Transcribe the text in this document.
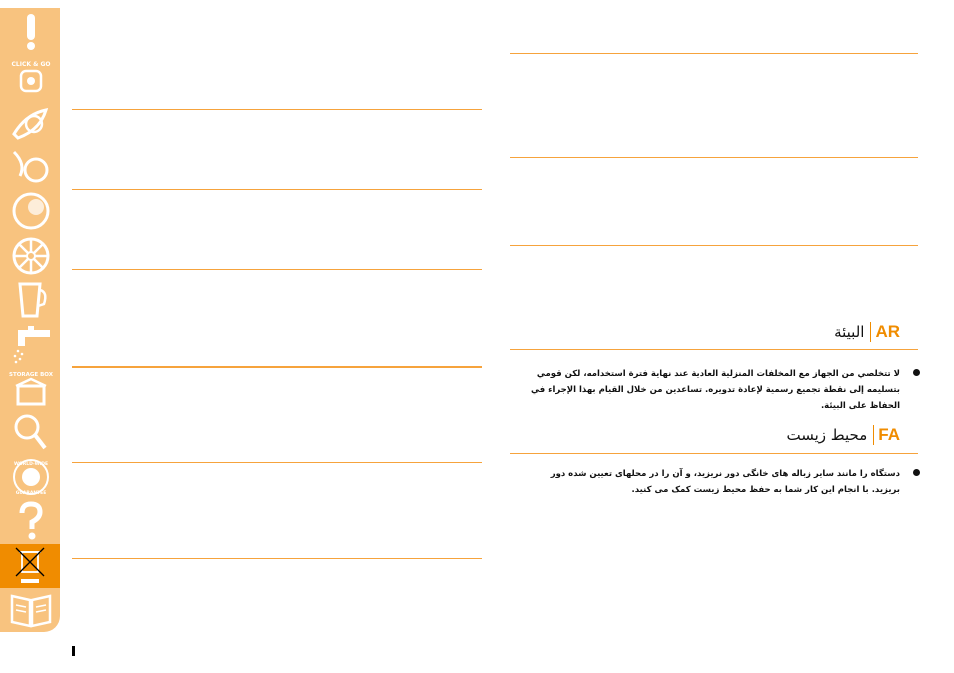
CLICK & GO
STORAGE BOX
WORLD-WIDE
GUARANTEE
البيئة AR
لا تتخلصي من الجهاز مع المخلفات المنزلية العادية عند نهاية فترة استخدامه، لكن قومي بتسليمه إلى نقطة تجميع رسمية لإعادة تدويره. تساعدين من خلال القيام بهذا الإجراء في الحفاظ على البيئة.
محیط زیست FA
دستگاه را مانند سایر زباله های خانگی دور نریزید، و آن را در محلهای تعیین شده دور بریزید. با انجام این کار شما به حفظ محیط زیست کمک می کنید.
